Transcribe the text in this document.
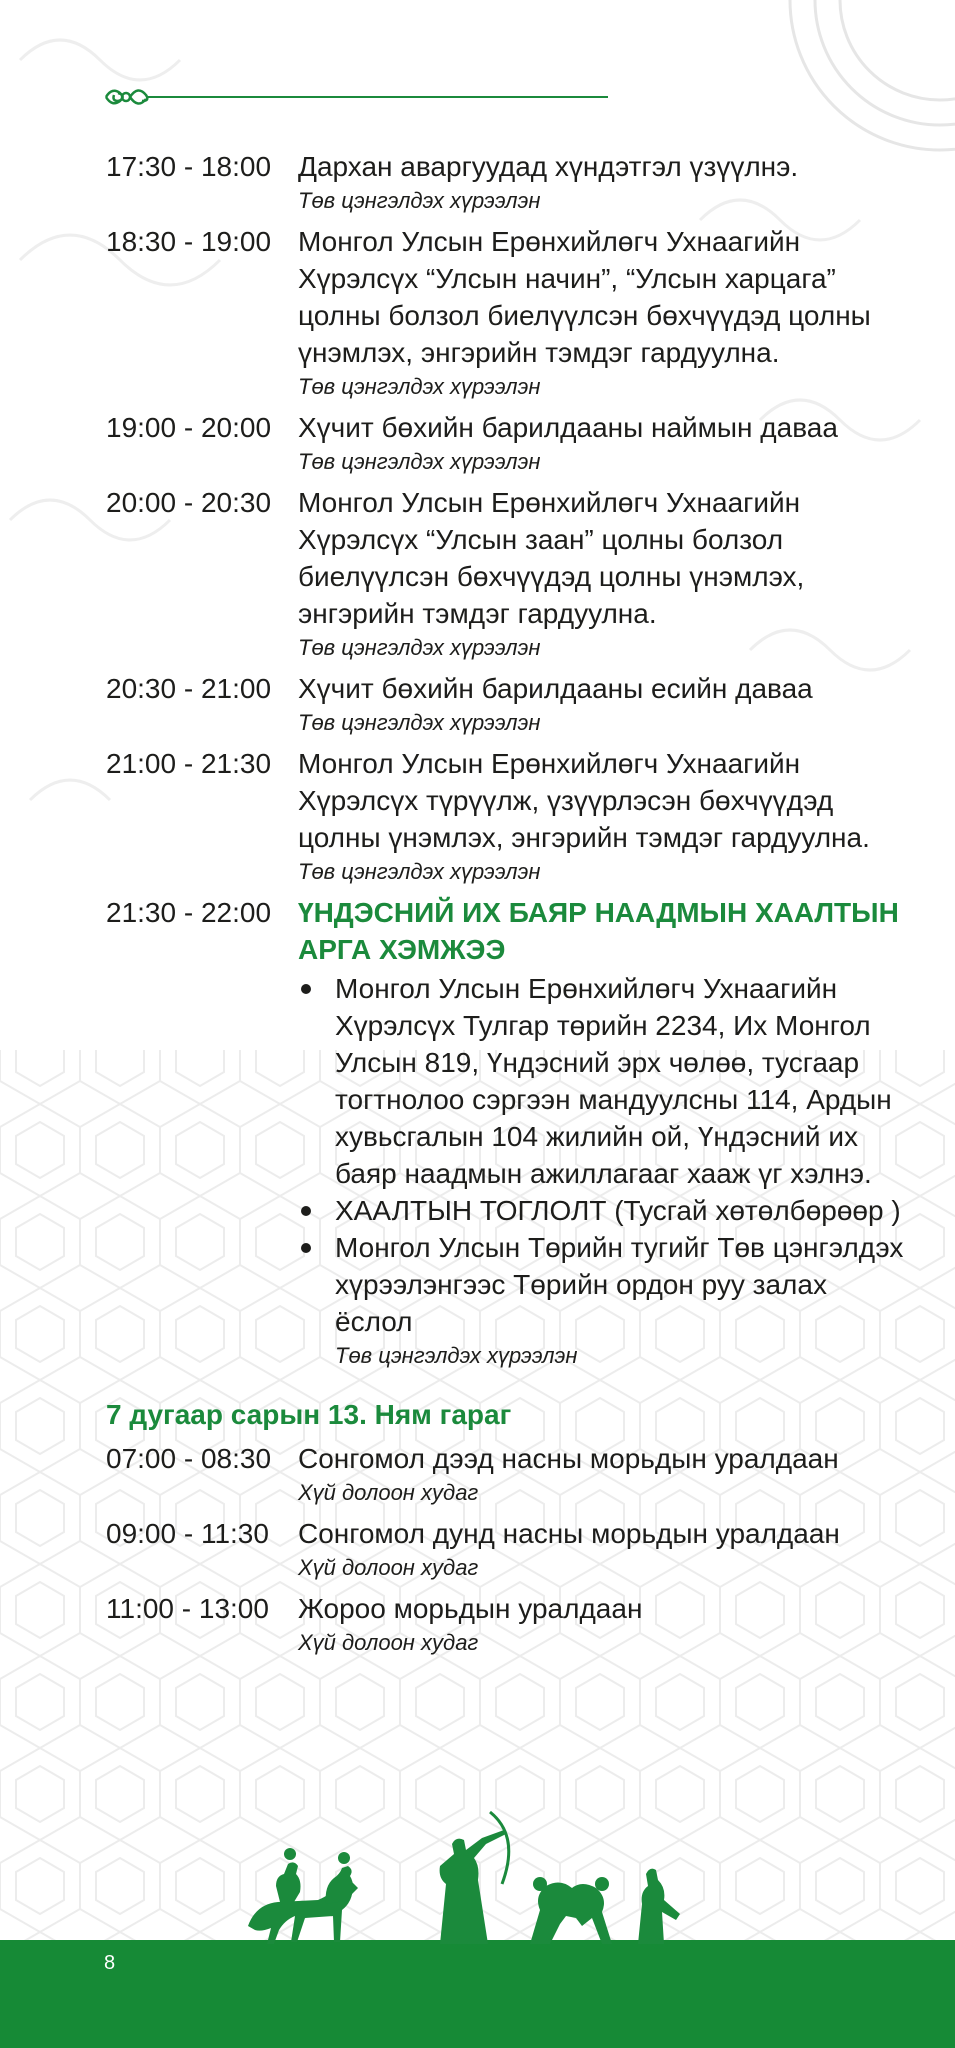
17:30 - 18:00 Дархан аваргуудад хүндэтгэл үзүүлнэ.
Төв цэнгэлдэх хүрээлэн
18:30 - 19:00 Монгол Улсын Ерөнхийлөгч Ухнаагийн Хүрэлсүх “Улсын начин”, “Улсын харцага” цолны болзол биелүүлсэн бөхчүүдэд цолны үнэмлэх, энгэрийн тэмдэг гардуулна.
Төв цэнгэлдэх хүрээлэн
19:00 - 20:00 Хүчит бөхийн барилдааны наймын даваа
Төв цэнгэлдэх хүрээлэн
20:00 - 20:30 Монгол Улсын Ерөнхийлөгч Ухнаагийн Хүрэлсүх “Улсын заан” цолны болзол биелүүлсэн бөхчүүдэд цолны үнэмлэх, энгэрийн тэмдэг гардуулна.
Төв цэнгэлдэх хүрээлэн
20:30 - 21:00 Хүчит бөхийн барилдааны есийн даваа
Төв цэнгэлдэх хүрээлэн
21:00 - 21:30 Монгол Улсын Ерөнхийлөгч Ухнаагийн Хүрэлсүх түрүүлж, үзүүрлэсэн бөхчүүдэд цолны үнэмлэх, энгэрийн тэмдэг гардуулна.
Төв цэнгэлдэх хүрээлэн
21:30 - 22:00 ҮНДЭСНИЙ ИХ БАЯР НААДМЫН ХААЛТЫН АРГА ХЭМЖЭЭ
Монгол Улсын Ерөнхийлөгч Ухнаагийн Хүрэлсүх Тулгар төрийн 2234, Их Монгол Улсын 819, Үндэсний эрх чөлөө, тусгаар тогтнолоо сэргээн мандуулсны 114, Ардын хувьсгалын 104 жилийн ой, Үндэсний их баяр наадмын ажиллагааг хааж үг хэлнэ.
ХААЛТЫН ТОГЛОЛТ (Тусгай хөтөлбөрөөр )
Монгол Улсын Төрийн тугийг Төв цэнгэлдэх хүрээлэнгээс Төрийн ордон руу залах ёслол
Төв цэнгэлдэх хүрээлэн
7 дугаар сарын 13. Ням гараг
07:00 - 08:30 Сонгомол дээд насны морьдын уралдаан
Хүй долоон худаг
09:00 - 11:30	Сонгомол дунд насны морьдын уралдаан
Хүй долоон худаг
11:00 - 13:00	Жороо морьдын уралдаан
Хүй долоон худаг
8
